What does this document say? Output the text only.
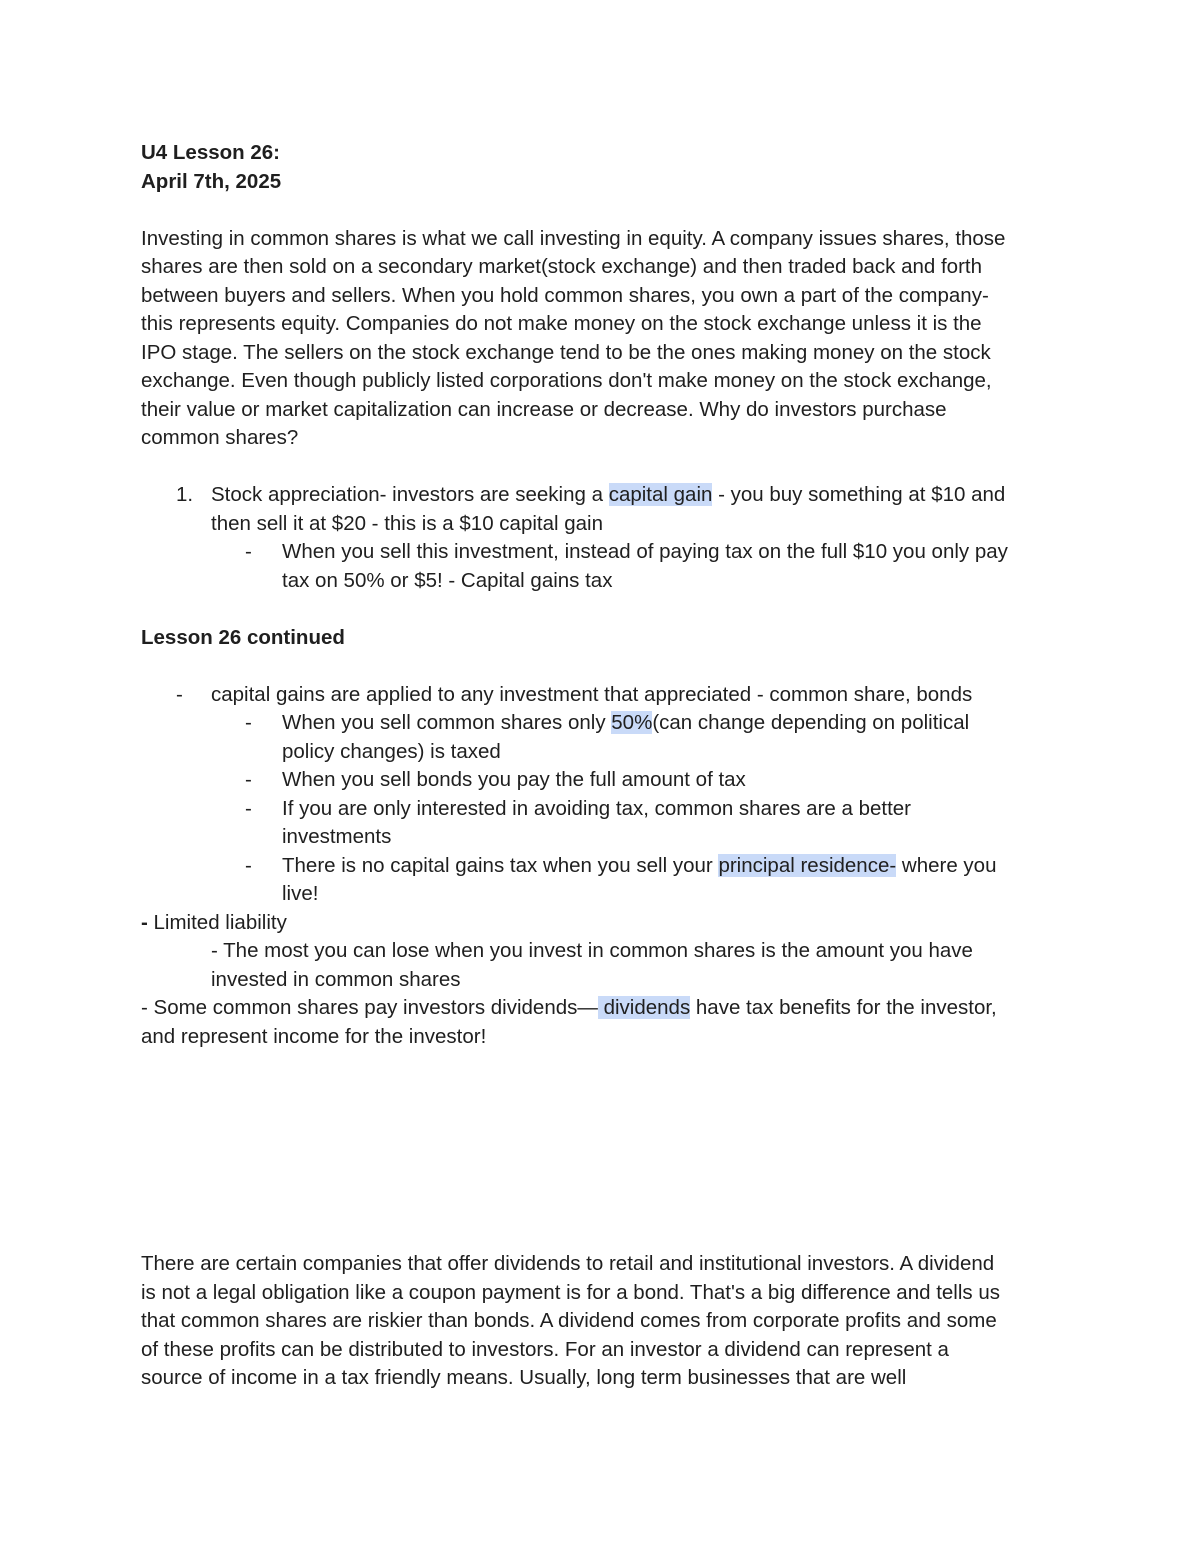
U4 Lesson 26:

April 7th, 2025

Investing in common shares is what we call investing in equity. A company issues shares, those

shares are then sold on a secondary market(stock exchange) and then traded back and forth

between buyers and sellers. When you hold common shares, you own a part of the company-

this represents equity. Companies do not make money on the stock exchange unless it is the

IPO stage. The sellers on the stock exchange tend to be the ones making money on the stock

exchange. Even though publicly listed corporations don't make money on the stock exchange,

their value or market capitalization can increase or decrease. Why do investors purchase

common shares?

1. Stock appreciation- investors are seeking a capital gain - you buy something at $10 and

then sell it at $20 - this is a $10 capital gain

- When you sell this investment, instead of paying tax on the full $10 you only pay

tax on 50% or $5! - Capital gains tax

Lesson 26 continued

- capital gains are applied to any investment that appreciated - common share, bonds

- When you sell common shares only 50%(can change depending on political

policy changes) is taxed

- When you sell bonds you pay the full amount of tax

- If you are only interested in avoiding tax, common shares are a better

investments

- There is no capital gains tax when you sell your principal residence- where you

live!

- Limited liability

- The most you can lose when you invest in common shares is the amount you have

invested in common shares

- Some common shares pay investors dividends— dividends have tax benefits for the investor,

and represent income for the investor!

There are certain companies that offer dividends to retail and institutional investors. A dividend

is not a legal obligation like a coupon payment is for a bond. That's a big difference and tells us

that common shares are riskier than bonds. A dividend comes from corporate profits and some

of these profits can be distributed to investors. For an investor a dividend can represent a

source of income in a tax friendly means. Usually, long term businesses that are well
